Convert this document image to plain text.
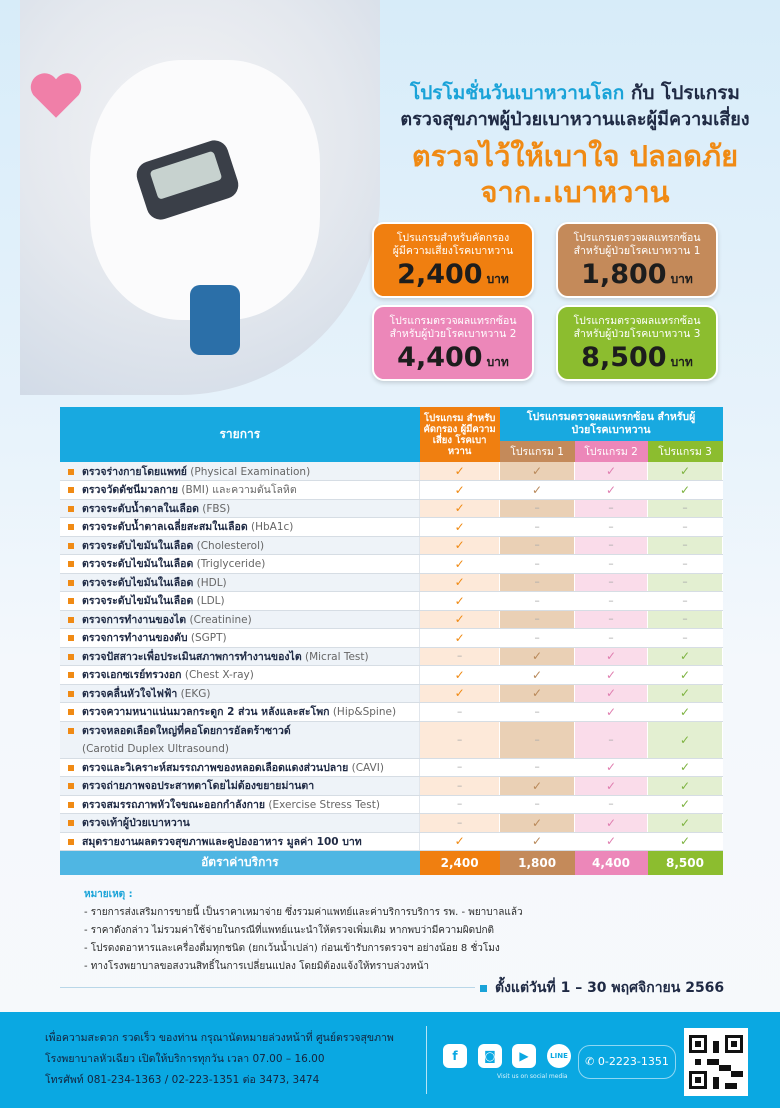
โปรโมชั่นวันเบาหวานโลก กับ โปรแกรม
ตรวจสุขภาพผู้ป่วยเบาหวานและผู้มีความเสี่ยง
ตรวจไว้ให้เบาใจ ปลอดภัย
จาก..เบาหวาน
โปรแกรมสำหรับคัดกรอง
ผู้มีความเสี่ยงโรคเบาหวาน
2,400 บาท
โปรแกรมตรวจผลแทรกซ้อน
สำหรับผู้ป่วยโรคเบาหวาน 1
1,800 บาท
โปรแกรมตรวจผลแทรกซ้อน
สำหรับผู้ป่วยโรคเบาหวาน 2
4,400 บาท
โปรแกรมตรวจผลแทรกซ้อน
สำหรับผู้ป่วยโรคเบาหวาน 3
8,500 บาท
รายการ	โปรแกรม สำหรับคัดกรอง ผู้มีความเสี่ยง โรคเบาหวาน	โปรแกรมตรวจผลแทรกซ้อน สำหรับผู้ป่วยโรคเบาหวาน		
		โปรแกรม 1	โปรแกรม 2	โปรแกรม 3
ตรวจร่างกายโดยแพทย์ (Physical Examination)	✓	✓	✓	✓
ตรวจวัดดัชนีมวลกาย (BMI) และความดันโลหิต	✓	✓	✓	✓
ตรวจระดับน้ำตาลในเลือด (FBS)	✓	–	–	–
ตรวจระดับน้ำตาลเฉลี่ยสะสมในเลือด (HbA1c)	✓	–	–	–
ตรวจระดับไขมันในเลือด (Cholesterol)	✓	–	–	–
ตรวจระดับไขมันในเลือด (Triglyceride)	✓	–	–	–
ตรวจระดับไขมันในเลือด (HDL)	✓	–	–	–
ตรวจระดับไขมันในเลือด (LDL)	✓	–	–	–
ตรวจการทำงานของไต (Creatinine)	✓	–	–	–
ตรวจการทำงานของตับ (SGPT)	✓	–	–	–
ตรวจปัสสาวะเพื่อประเมินสภาพการทำงานของไต (Micral Test)	–	✓	✓	✓
ตรวจเอกซเรย์ทรวงอก (Chest X-ray)	✓	✓	✓	✓
ตรวจคลื่นหัวใจไฟฟ้า (EKG)	✓	✓	✓	✓
ตรวจความหนาแน่นมวลกระดูก 2 ส่วน หลังและสะโพก (Hip&Spine)	–	–	✓	✓
ตรวจหลอดเลือดใหญ่ที่คอโดยการอัลตร้าซาวด์
(Carotid Duplex Ultrasound)	–	–	–	✓
ตรวจและวิเคราะห์สมรรถภาพของหลอดเลือดแดงส่วนปลาย (CAVI)	–	–	✓	✓
ตรวจถ่ายภาพจอประสาทตาโดยไม่ต้องขยายม่านตา	–	✓	✓	✓
ตรวจสมรรถภาพหัวใจขณะออกกำลังกาย (Exercise Stress Test)	–	–	–	✓
ตรวจเท้าผู้ป่วยเบาหวาน	–	✓	✓	✓
สมุดรายงานผลตรวจสุขภาพและคูปองอาหาร มูลค่า 100 บาท	✓	✓	✓	✓
อัตราค่าบริการ	2,400	1,800	4,400	8,500
หมายเหตุ :
- รายการส่งเสริมการขายนี้ เป็นราคาเหมาจ่าย ซึ่งรวมค่าแพทย์และค่าบริการบริการ รพ. - พยาบาลแล้ว
- ราคาดังกล่าว ไม่รวมค่าใช้จ่ายในกรณีที่แพทย์แนะนำให้ตรวจเพิ่มเติม หากพบว่ามีความผิดปกติ
- โปรดงดอาหารและเครื่องดื่มทุกชนิด (ยกเว้นน้ำเปล่า) ก่อนเข้ารับการตรวจฯ อย่างน้อย 8 ชั่วโมง
- ทางโรงพยาบาลขอสงวนสิทธิ์ในการเปลี่ยนแปลง โดยมิต้องแจ้งให้ทราบล่วงหน้า
ตั้งแต่วันที่ 1 – 30 พฤศจิกายน 2566
เพื่อความสะดวก รวดเร็ว ของท่าน กรุณานัดหมายล่วงหน้าที่ ศูนย์ตรวจสุขภาพ
โรงพยาบาลหัวเฉียว เปิดให้บริการทุกวัน เวลา 07.00 – 16.00
โทรศัพท์ 081-234-1363 / 02-223-1351 ต่อ 3473, 3474
f	◙	▶	LINE
Visit us on social media
✆ 0-2223-1351
